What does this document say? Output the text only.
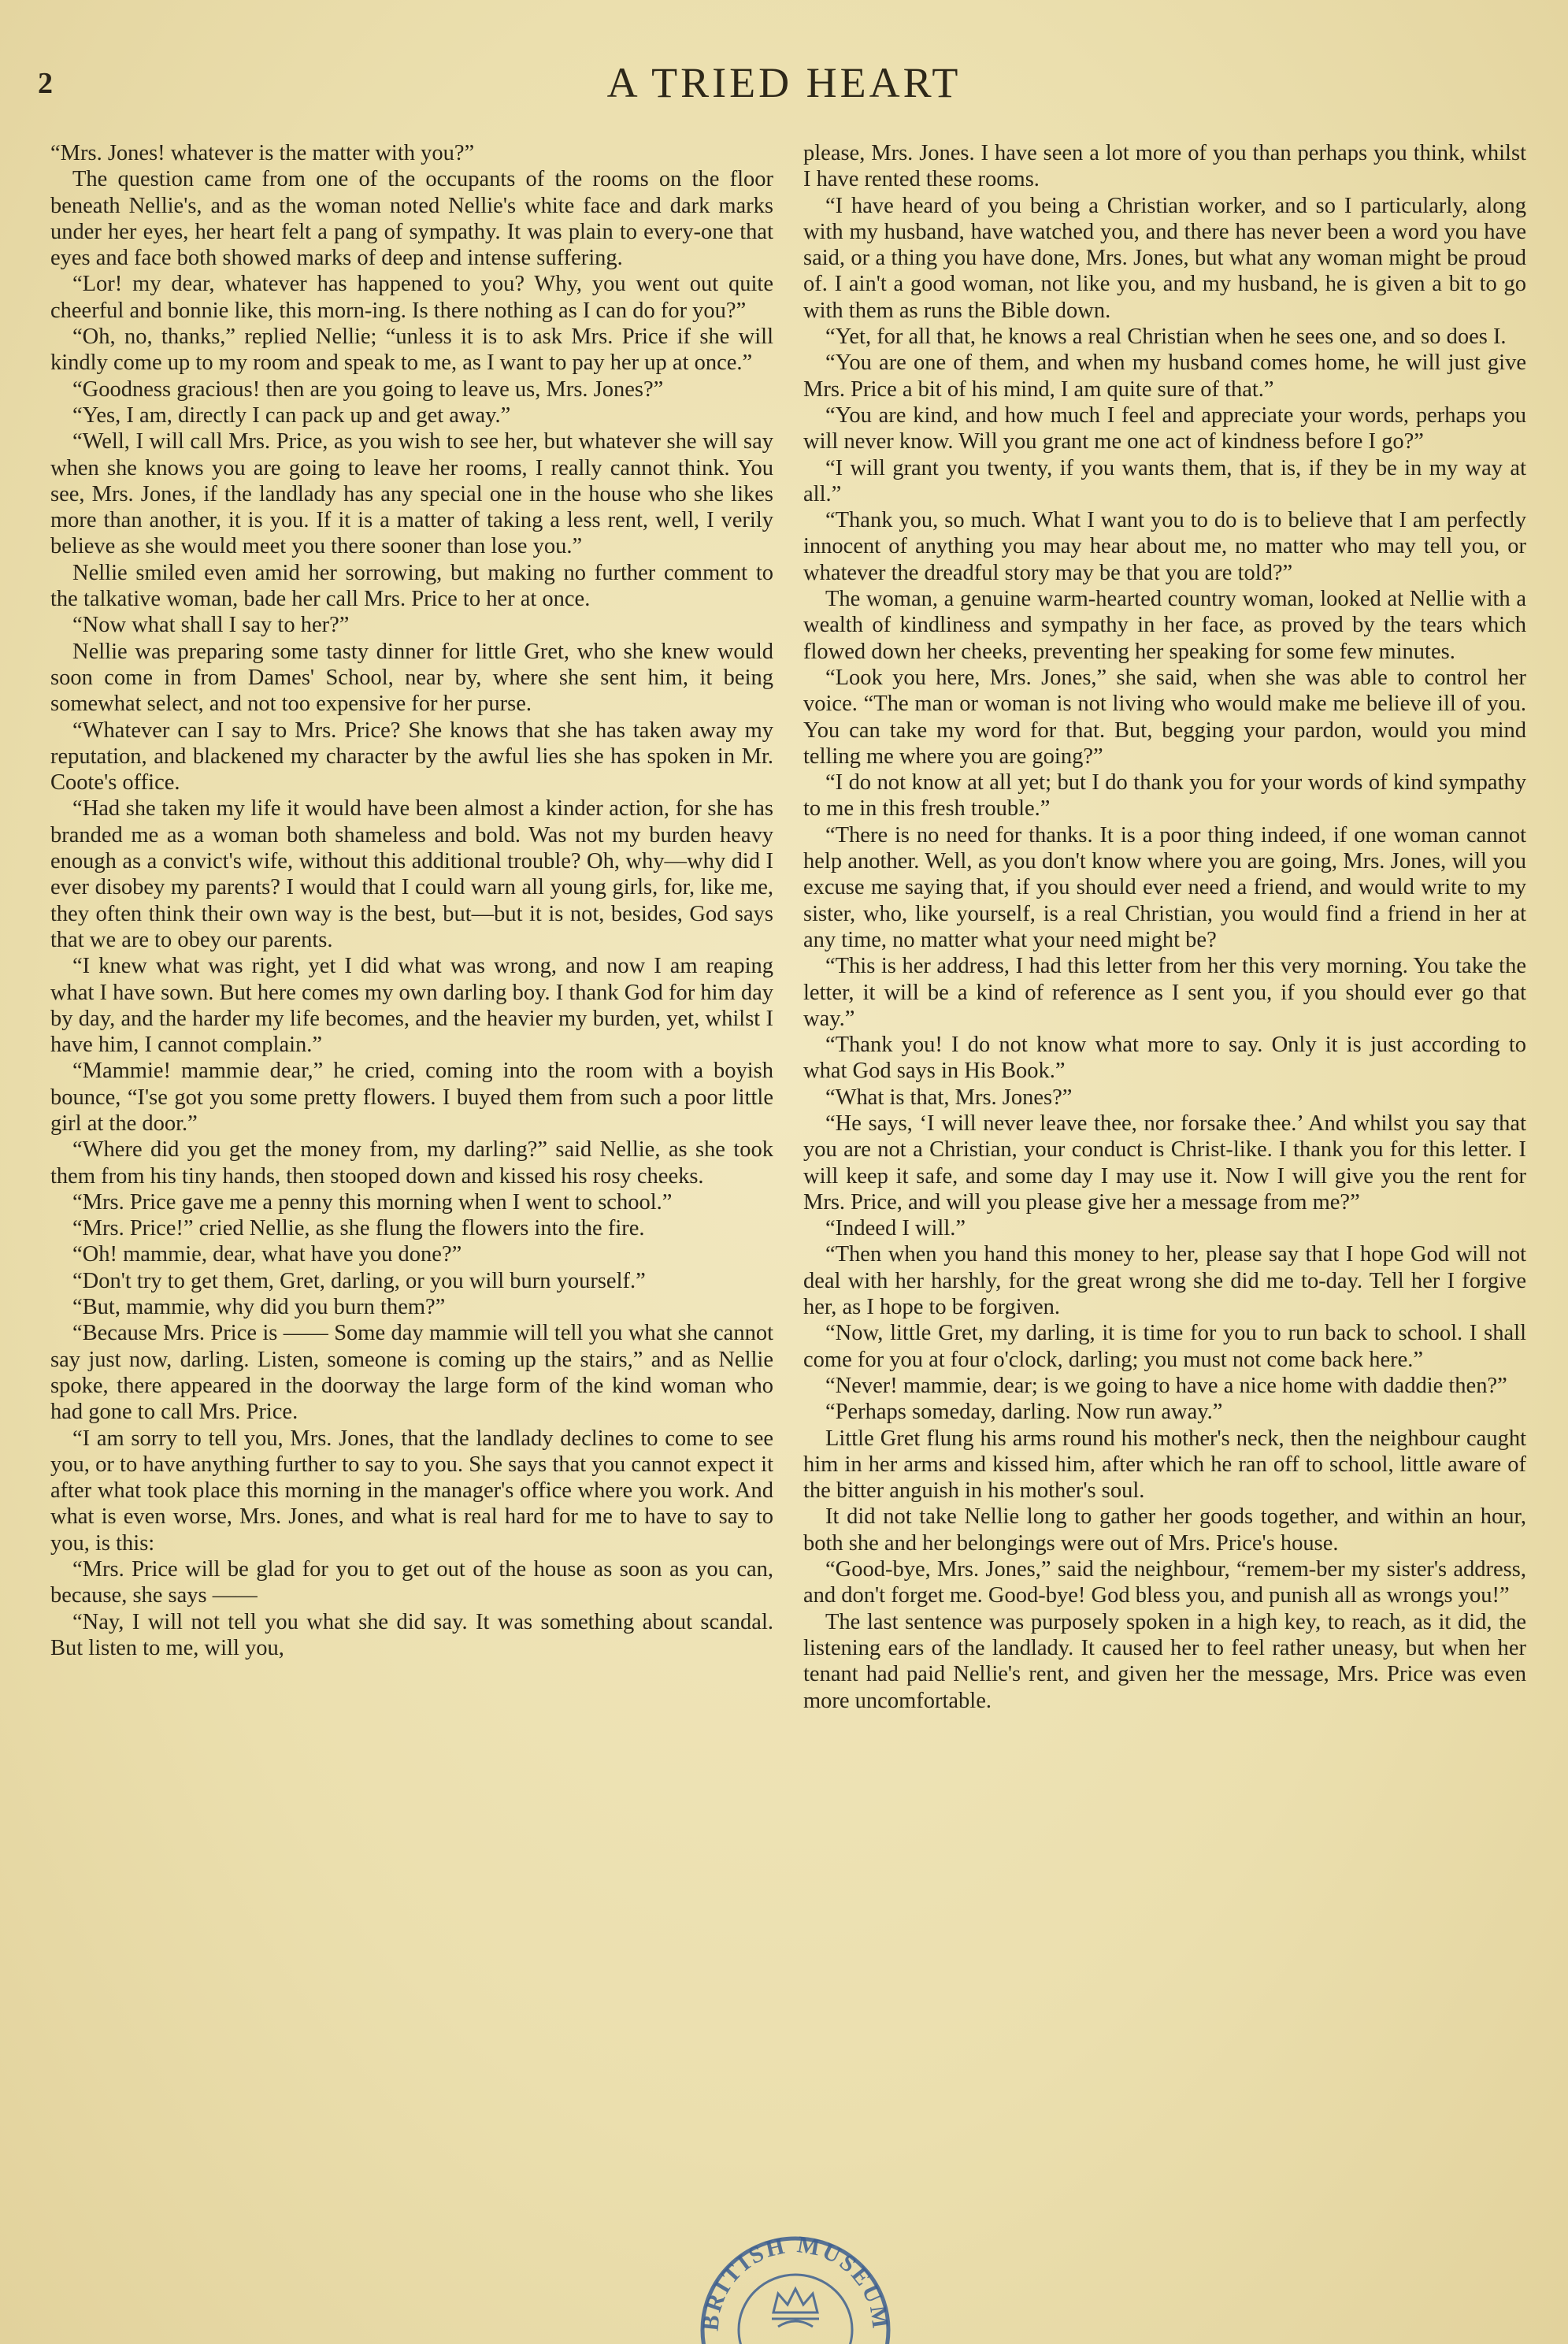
2	A TRIED HEART

“Mrs. Jones! whatever is the matter with you?”

The question came from one of the occupants of the rooms on the floor beneath Nellie's, and as the woman noted Nellie's white face and dark marks under her eyes, her heart felt a pang of sympathy. It was plain to every-one that eyes and face both showed marks of deep and intense suffering.

“Lor! my dear, whatever has happened to you? Why, you went out quite cheerful and bonnie like, this morn-ing. Is there nothing as I can do for you?”

“Oh, no, thanks,” replied Nellie; “unless it is to ask Mrs. Price if she will kindly come up to my room and speak to me, as I want to pay her up at once.”

“Goodness gracious! then are you going to leave us, Mrs. Jones?”

“Yes, I am, directly I can pack up and get away.”

“Well, I will call Mrs. Price, as you wish to see her, but whatever she will say when she knows you are going to leave her rooms, I really cannot think. You see, Mrs. Jones, if the landlady has any special one in the house who she likes more than another, it is you. If it is a matter of taking a less rent, well, I verily believe as she would meet you there sooner than lose you.”

Nellie smiled even amid her sorrowing, but making no further comment to the talkative woman, bade her call Mrs. Price to her at once.

“Now what shall I say to her?”

Nellie was preparing some tasty dinner for little Gret, who she knew would soon come in from Dames' School, near by, where she sent him, it being somewhat select, and not too expensive for her purse.

“Whatever can I say to Mrs. Price? She knows that she has taken away my reputation, and blackened my character by the awful lies she has spoken in Mr. Coote's office.

“Had she taken my life it would have been almost a kinder action, for she has branded me as a woman both shameless and bold. Was not my burden heavy enough as a convict's wife, without this additional trouble? Oh, why—why did I ever disobey my parents? I would that I could warn all young girls, for, like me, they often think their own way is the best, but—but it is not, besides, God says that we are to obey our parents.

“I knew what was right, yet I did what was wrong, and now I am reaping what I have sown. But here comes my own darling boy. I thank God for him day by day, and the harder my life becomes, and the heavier my burden, yet, whilst I have him, I cannot complain.”

“Mammie! mammie dear,” he cried, coming into the room with a boyish bounce, “I'se got you some pretty flowers. I buyed them from such a poor little girl at the door.”

“Where did you get the money from, my darling?” said Nellie, as she took them from his tiny hands, then stooped down and kissed his rosy cheeks.

“Mrs. Price gave me a penny this morning when I went to school.”

“Mrs. Price!” cried Nellie, as she flung the flowers into the fire.

“Oh! mammie, dear, what have you done?”

“Don't try to get them, Gret, darling, or you will burn yourself.”

“But, mammie, why did you burn them?”

“Because Mrs. Price is —— Some day mammie will tell you what she cannot say just now, darling. Listen, someone is coming up the stairs,” and as Nellie spoke, there appeared in the doorway the large form of the kind woman who had gone to call Mrs. Price.

“I am sorry to tell you, Mrs. Jones, that the landlady declines to come to see you, or to have anything further to say to you. She says that you cannot expect it after what took place this morning in the manager's office where you work. And what is even worse, Mrs. Jones, and what is real hard for me to have to say to you, is this:

“Mrs. Price will be glad for you to get out of the house as soon as you can, because, she says ——

“Nay, I will not tell you what she did say. It was something about scandal. But listen to me, will you,

please, Mrs. Jones. I have seen a lot more of you than perhaps you think, whilst I have rented these rooms.

“I have heard of you being a Christian worker, and so I particularly, along with my husband, have watched you, and there has never been a word you have said, or a thing you have done, Mrs. Jones, but what any woman might be proud of. I ain't a good woman, not like you, and my husband, he is given a bit to go with them as runs the Bible down.

“Yet, for all that, he knows a real Christian when he sees one, and so does I.

“You are one of them, and when my husband comes home, he will just give Mrs. Price a bit of his mind, I am quite sure of that.”

“You are kind, and how much I feel and appreciate your words, perhaps you will never know. Will you grant me one act of kindness before I go?”

“I will grant you twenty, if you wants them, that is, if they be in my way at all.”

“Thank you, so much. What I want you to do is to believe that I am perfectly innocent of anything you may hear about me, no matter who may tell you, or whatever the dreadful story may be that you are told?”

The woman, a genuine warm-hearted country woman, looked at Nellie with a wealth of kindliness and sympathy in her face, as proved by the tears which flowed down her cheeks, preventing her speaking for some few minutes.

“Look you here, Mrs. Jones,” she said, when she was able to control her voice. “The man or woman is not living who would make me believe ill of you. You can take my word for that. But, begging your pardon, would you mind telling me where you are going?”

“I do not know at all yet; but I do thank you for your words of kind sympathy to me in this fresh trouble.”

“There is no need for thanks. It is a poor thing indeed, if one woman cannot help another. Well, as you don't know where you are going, Mrs. Jones, will you excuse me saying that, if you should ever need a friend, and would write to my sister, who, like yourself, is a real Christian, you would find a friend in her at any time, no matter what your need might be?

“This is her address, I had this letter from her this very morning. You take the letter, it will be a kind of reference as I sent you, if you should ever go that way.”

“Thank you! I do not know what more to say. Only it is just according to what God says in His Book.”

“What is that, Mrs. Jones?”

“He says, ‘I will never leave thee, nor forsake thee.’ And whilst you say that you are not a Christian, your conduct is Christ-like. I thank you for this letter. I will keep it safe, and some day I may use it. Now I will give you the rent for Mrs. Price, and will you please give her a message from me?”

“Indeed I will.”

“Then when you hand this money to her, please say that I hope God will not deal with her harshly, for the great wrong she did me to-day. Tell her I forgive her, as I hope to be forgiven.

“Now, little Gret, my darling, it is time for you to run back to school. I shall come for you at four o'clock, darling; you must not come back here.”

“Never! mammie, dear; is we going to have a nice home with daddie then?”

“Perhaps someday, darling. Now run away.”

Little Gret flung his arms round his mother's neck, then the neighbour caught him in her arms and kissed him, after which he ran off to school, little aware of the bitter anguish in his mother's soul.

It did not take Nellie long to gather her goods together, and within an hour, both she and her belongings were out of Mrs. Price's house.

“Good-bye, Mrs. Jones,” said the neighbour, “remem-ber my sister's address, and don't forget me. Good-bye! God bless you, and punish all as wrongs you!”

The last sentence was purposely spoken in a high key, to reach, as it did, the listening ears of the landlady. It caused her to feel rather uneasy, but when her tenant had paid Nellie's rent, and given her the message, Mrs. Price was even more uncomfortable.

BRITISH MUSEUM
